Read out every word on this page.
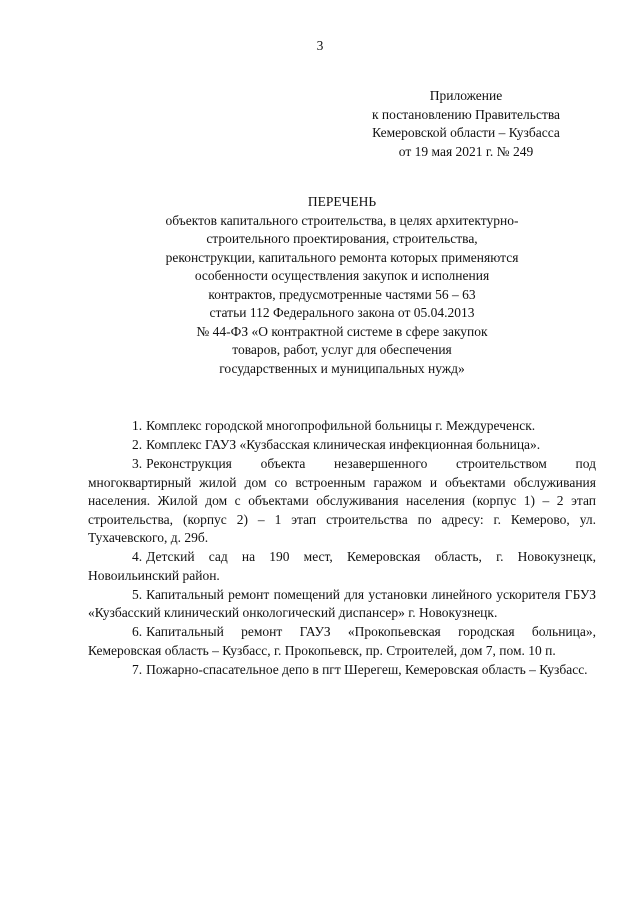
3
Приложение
к постановлению Правительства
Кемеровской области – Кузбасса
от 19 мая 2021 г. № 249
ПЕРЕЧЕНЬ
объектов капитального строительства, в целях архитектурно-
строительного проектирования, строительства,
реконструкции, капитального ремонта которых применяются
особенности осуществления закупок и исполнения
контрактов, предусмотренные частями 56 – 63
статьи 112 Федерального закона от 05.04.2013
№ 44-ФЗ «О контрактной системе в сфере закупок
товаров, работ, услуг для обеспечения
государственных и муниципальных нужд»

1. Комплекс городской многопрофильной больницы г. Междуреченск.

2. Комплекс ГАУЗ «Кузбасская клиническая инфекционная больница».

3. Реконструкция объекта незавершенного строительством под многоквартирный жилой дом со встроенным гаражом и объектами обслуживания населения. Жилой дом с объектами обслуживания населения (корпус 1) – 2 этап строительства, (корпус 2) – 1 этап строительства по адресу: г. Кемерово, ул. Тухачевского, д. 29б.

4. Детский сад на 190 мест, Кемеровская область, г. Новокузнецк, Новоильинский район.

5. Капитальный ремонт помещений для установки линейного ускорителя ГБУЗ «Кузбасский клинический онкологический диспансер» г. Новокузнецк.

6. Капитальный ремонт ГАУЗ «Прокопьевская городская больница», Кемеровская область – Кузбасс, г. Прокопьевск, пр. Строителей, дом 7, пом. 10 п.

7. Пожарно-спасательное депо в пгт Шерегеш, Кемеровская область – Кузбасс.
